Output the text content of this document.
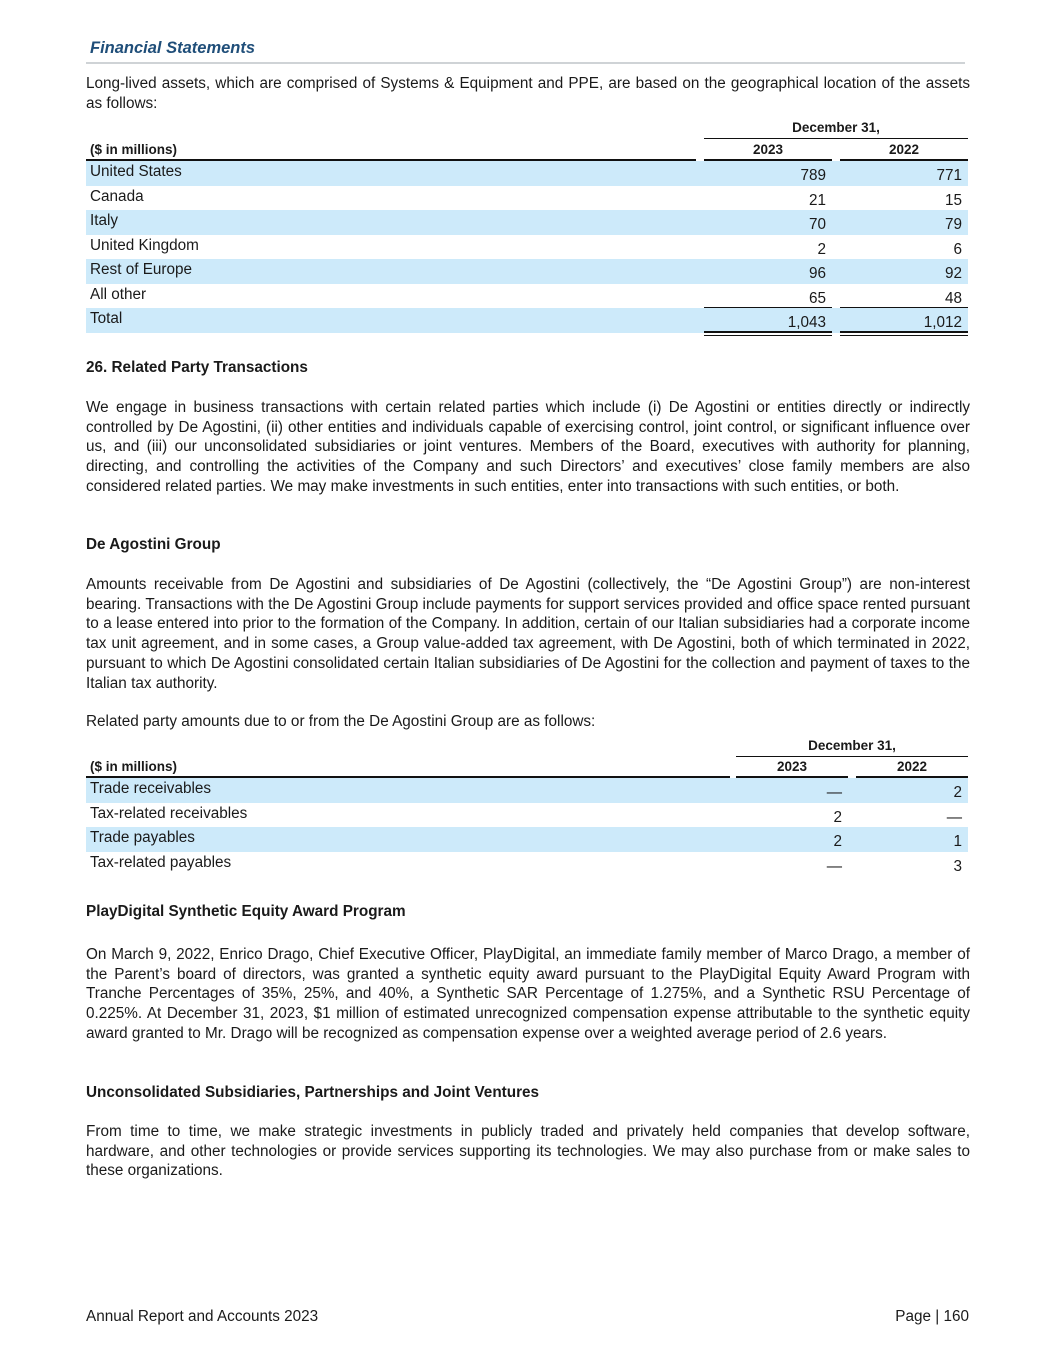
Financial Statements
Long-lived assets, which are comprised of Systems & Equipment and PPE, are based on the geographical location of the assets as follows:
December 31,
($ in millions)	2023	2022
United States	789	771
Canada	21	15
Italy	70	79
United Kingdom	2	6
Rest of Europe	96	92
All other	65	48
Total	1,043	1,012
26. Related Party Transactions
We engage in business transactions with certain related parties which include (i) De Agostini or entities directly or indirectly controlled by De Agostini, (ii) other entities and individuals capable of exercising control, joint control, or significant influence over us, and (iii) our unconsolidated subsidiaries or joint ventures. Members of the Board, executives with authority for planning, directing, and controlling the activities of the Company and such Directors’ and executives’ close family members are also considered related parties. We may make investments in such entities, enter into transactions with such entities, or both.
De Agostini Group
Amounts receivable from De Agostini and subsidiaries of De Agostini (collectively, the “De Agostini Group”) are non-interest bearing. Transactions with the De Agostini Group include payments for support services provided and office space rented pursuant to a lease entered into prior to the formation of the Company. In addition, certain of our Italian subsidiaries had a corporate income tax unit agreement, and in some cases, a Group value-added tax agreement, with De Agostini, both of which terminated in 2022, pursuant to which De Agostini consolidated certain Italian subsidiaries of De Agostini for the collection and payment of taxes to the Italian tax authority.
Related party amounts due to or from the De Agostini Group are as follows:
December 31,
($ in millions)	2023	2022
Trade receivables	—	2
Tax-related receivables	2	—
Trade payables	2	1
Tax-related payables	—	3
PlayDigital Synthetic Equity Award Program
On March 9, 2022, Enrico Drago, Chief Executive Officer, PlayDigital, an immediate family member of Marco Drago, a member of the Parent’s board of directors, was granted a synthetic equity award pursuant to the PlayDigital Equity Award Program with Tranche Percentages of 35%, 25%, and 40%, a Synthetic SAR Percentage of 1.275%, and a Synthetic RSU Percentage of 0.225%. At December 31, 2023, $1 million of estimated unrecognized compensation expense attributable to the synthetic equity award granted to Mr. Drago will be recognized as compensation expense over a weighted average period of 2.6 years.
Unconsolidated Subsidiaries, Partnerships and Joint Ventures
From time to time, we make strategic investments in publicly traded and privately held companies that develop software, hardware, and other technologies or provide services supporting its technologies. We may also purchase from or make sales to these organizations.
Annual Report and Accounts 2023	Page | 160
